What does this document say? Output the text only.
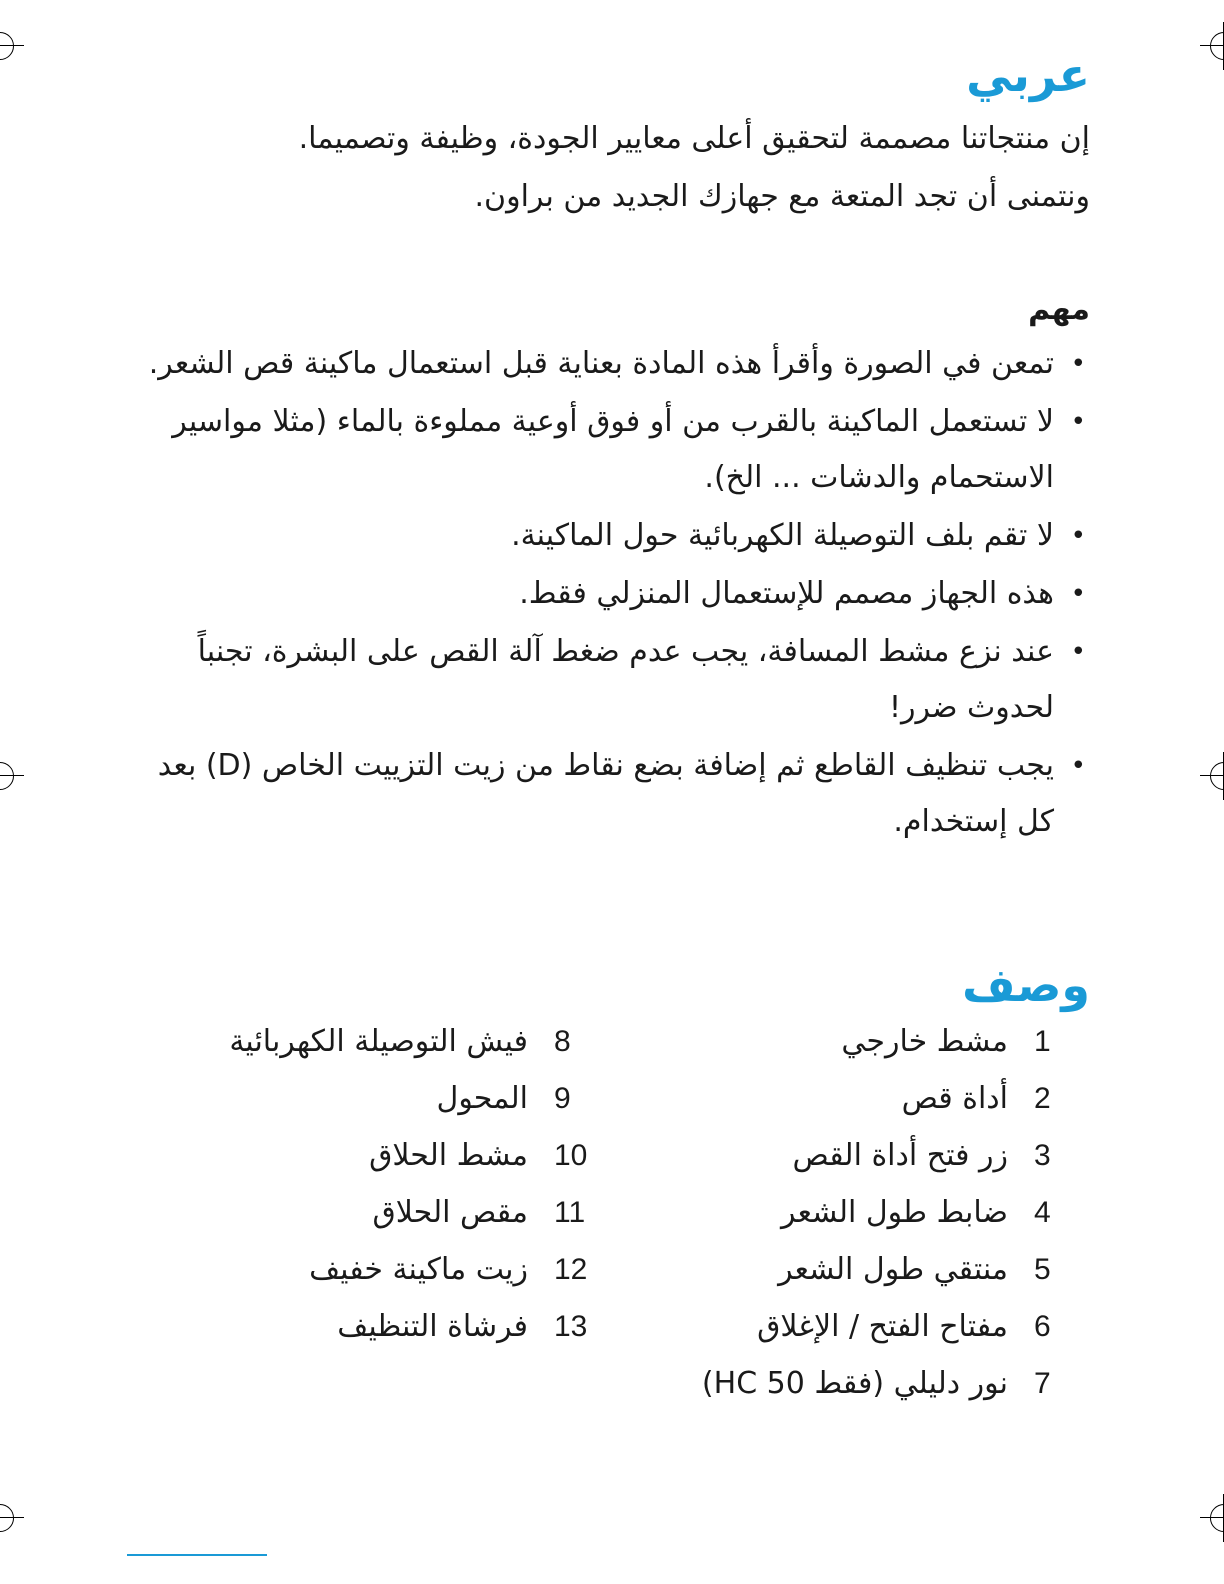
عربي
إن منتجاتنا مصممة لتحقيق أعلى معايير الجودة، وظيفة وتصميما.
ونتمنى أن تجد المتعة مع جهازك الجديد من براون.
مهم
•
تمعن في الصورة وأقرأ هذه المادة بعناية قبل استعمال ماكينة قص الشعر.
•
لا تستعمل الماكينة بالقرب من أو فوق أوعية مملوءة بالماء (مثلا مواسير الاستحمام والدشات ... الخ).
•
لا تقم بلف التوصيلة الكهربائية حول الماكينة.
•
هذه الجهاز مصمم للإستعمال المنزلي فقط.
•
عند نزع مشط المسافة، يجب عدم ضغط آلة القص على البشرة، تجنباً لحدوث ضرر!
•
يجب تنظيف القاطع ثم إضافة بضع نقاط من زيت التزييت الخاص (D) بعد كل إستخدام.
وصف
1
مشط خارجي
2
أداة قص
3
زر فتح أداة القص
4
ضابط طول الشعر
5
منتقي طول الشعر
6
مفتاح الفتح / الإغلاق
7
نور دليلي (فقط HC 50)
8
فيش التوصيلة الكهربائية
9
المحول
10
مشط الحلاق
11
مقص الحلاق
12
زيت ماكينة خفيف
13
فرشاة التنظيف
